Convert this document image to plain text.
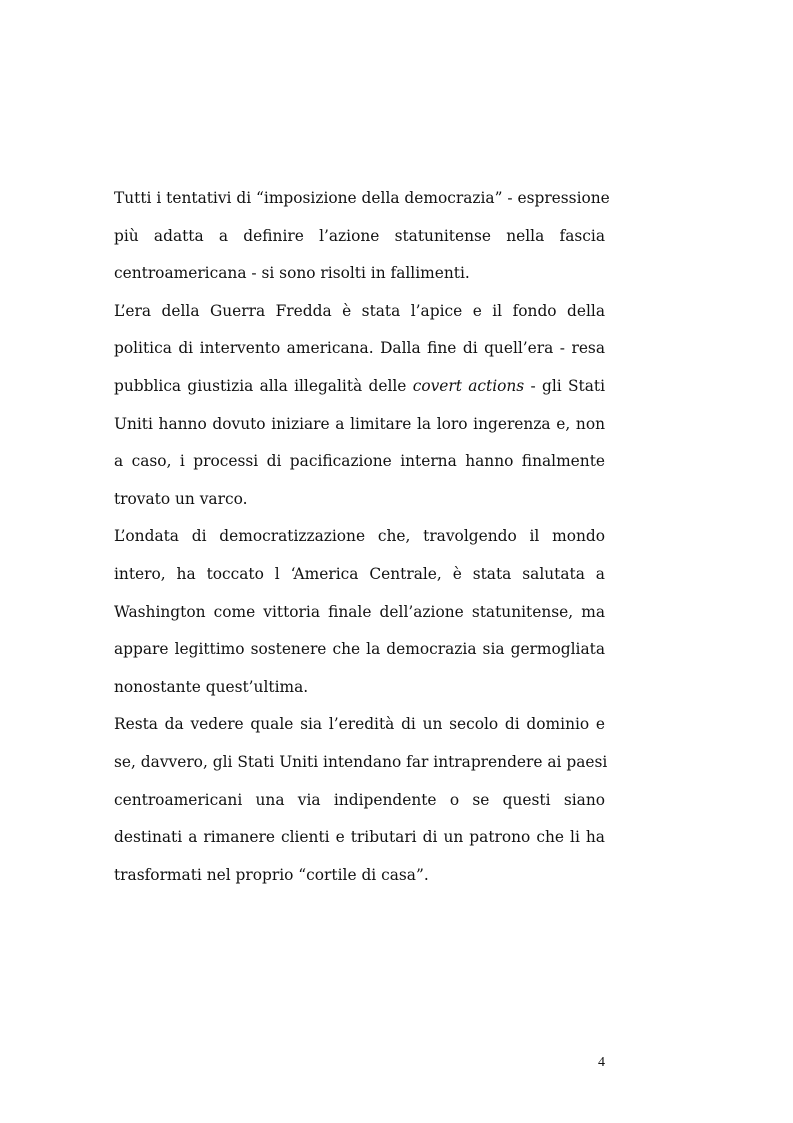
Tutti i tentativi di “imposizione della democrazia” - espressione
più adatta a definire l’azione statunitense nella fascia
centroamericana - si sono risolti in fallimenti.
L’era della Guerra Fredda è stata l’apice e il fondo della
politica di intervento americana. Dalla fine di quell’era - resa
pubblica giustizia alla illegalità delle covert actions - gli Stati
Uniti hanno dovuto iniziare a limitare la loro ingerenza e, non
a caso, i processi di pacificazione interna hanno finalmente
trovato un varco.
L’ondata di democratizzazione che, travolgendo il mondo
intero, ha toccato l ‘America Centrale, è stata salutata a
Washington come vittoria finale dell’azione statunitense, ma
appare legittimo sostenere che la democrazia sia germogliata
nonostante quest’ultima.
Resta da vedere quale sia l’eredità di un secolo di dominio e
se, davvero, gli Stati Uniti intendano far intraprendere ai paesi
centroamericani una via indipendente o se questi siano
destinati a rimanere clienti e tributari di un patrono che li ha
trasformati nel proprio “cortile di casa”.
4
